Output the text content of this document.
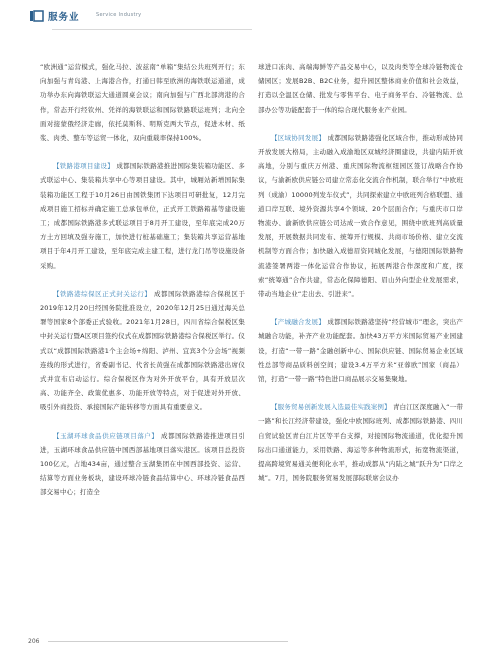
服务业	Service Industry

“欧洲通”运营模式，强化马拉、波兹南“单箱”集结公共班列开行；东向加强与青岛港、上海港合作，打通日韩至欧洲的海铁联运通道，成功举办东向海铁联运大通道圆桌会议；南向加强与广西北部湾港的合作，常态开行经钦州、凭祥的海铁联运和国际铁路联运班列；北向全面对接蒙俄经济走廊，依托莫斯科、明斯克两大节点，促进木材、纸浆、肉类、整车等运贸一体化，双向重载率保持100%。

【铁路港项目建设】 成都国际铁路港推进国际集装箱功能区、多式联运中心、集装箱共享中心等项目建设。其中，城厢站新增国际集装箱功能区工程于10月26日由国铁集团下达项目可研批复，12月完成项目施工招标并确定施工总承包单位，正式开工铁路箱基等建设施工；成都国际铁路港多式联运项目于8月开工建设，至年底完成20万方土方回填及强夯施工，加快进行桩基础施工；集装箱共享运营基地项目于年4月开工建设，至年底完成主建工程，进行龙门吊等设施设备采购。

【铁路港综保区正式封关运行】 成都国际铁路港综合保税区于2019年12月20日经国务院批准设立，2020年12月25日通过海关总署等国家8个部委正式验收。2021年1月28日，四川省综合保税区集中封关运行暨A区项目签约仪式在成都国际铁路港综合保税区举行。仪式以“成都国际铁路港1个主会场+绵阳、泸州、宜宾3个分会场”视频连线的形式进行，省委副书记、代省长黄强在成都国际铁路港出席仪式并宣布启动运行。综合保税区作为对外开放平台，具有开放层次高、功能齐全、政策优惠多、功能开放等特点，对于促进对外开放、吸引外商投资、承接国际产能转移等方面具有重要意义。

【玉湖环球食品供应链项目落户】 成都国际铁路港推进项目引进，玉湖环球食品供应链中国西部基地项目落实港区。该项目总投资100亿元，占地434亩，通过整合玉湖集团在中国西部投资、运营、结算等方面业务板块，建设环球冷链食品结算中心、环球冷链食品西部交易中心；打造全

球进口冻肉、高端海鲜等产品交易中心，以及肉类等全球冷链物流仓储园区；发展B2B、B2C业务，提升园区整体商业价值和社会效益，打造以全温区仓储、批发与零售平台、电子商务平台、冷链物流、总部办公等功能配套于一体的综合现代服务业产业园。

【区域协同发展】 成都国际铁路港强化区域合作，推动形成协同开放发展大格局，主动融入成渝地区双城经济圈建设，共建内陆开放高地，分别与重庆万州港、重庆国际物流枢纽园区签订战略合作协议，与渝新欧供应链公司建立常态化交流合作机制，联合举行“中欧班列（成渝）10000列发车仪式”，共同探索建立中欧班列合格联盟、通道口岸互联、境外资源共享4个领域、20个层面合作；与重庆市口岸物流办、渝新欧供应链公司达成一致合作意见，围绕中欧班列高质量发展，开展数据共同发布、统筹开行规模、共商市场价格、建立交流机制等方面合作；加快融入成德眉资同城化发展，与德阳国际铁路物流港签署两港一体化运营合作协议，拓展两港合作深度和广度，探索“统筹通”合作共建，常态化保障德阳、眉山外向型企业发展需求，带动当地企业“走出去、引进来”。

【产城融合发展】 成都国际铁路港坚持“经营城市”理念，突出产城融合功能，补齐产业功能配套。加快43万平方米国际贸易产业园建设，打造“一带一路”金融创新中心、国际供应链、国际贸易企业区域性总部等商品质料创空间；建设3.4万平方米“亚蓉欧”国家（商品）馆，打造“一带一路”特色进口商品展示交易集聚地。

【服务贸易创新发展入选最佳实践案例】 青白江区深度融入“一带一路”和长江经济带建设，强化中欧国际班列、成都国际铁路港、四川自贸试验区青白江片区等平台支撑，对接国际物流通道，优化提升国际出口通道能力，采用铁路、海运等多种物流形式，拓宽物流渠道，提高跨境贸易通关便利化水平，推动成都从“内陆之城”跃升为“口岸之城”。7月，国务院服务贸易发展部际联席会议办

206
